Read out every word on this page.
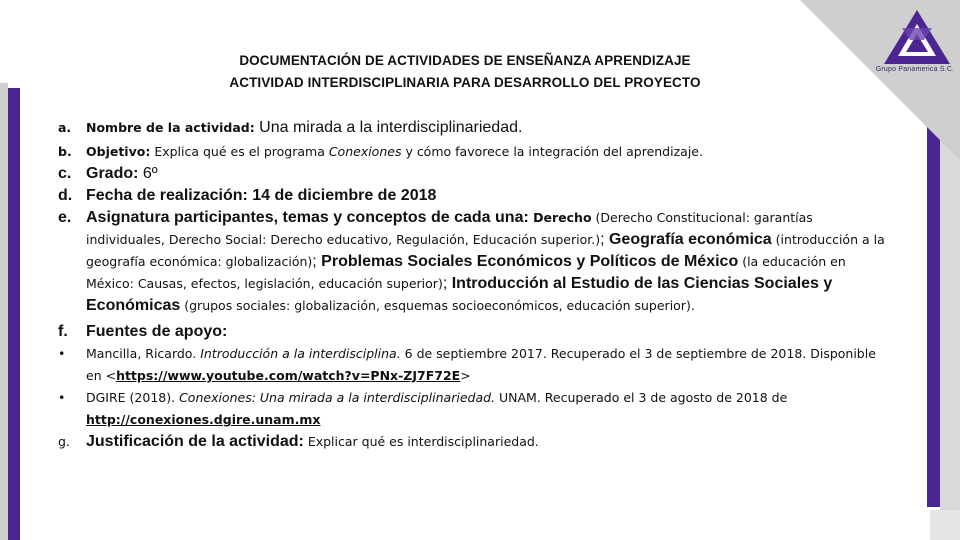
Grupo Panamerica S.C.
DOCUMENTACIÓN DE ACTIVIDADES DE ENSEÑANZA APRENDIZAJE
ACTIVIDAD INTERDISCIPLINARIA PARA DESARROLLO DEL PROYECTO
a. Nombre de la actividad: Una mirada a la interdisciplinariedad.
b. Objetivo: Explica qué es el programa Conexiones y cómo favorece la integración del aprendizaje.
c. Grado: 6º
d. Fecha de realización: 14 de diciembre de 2018
e. Asignatura participantes, temas y conceptos de cada una: Derecho (Derecho Constitucional: garantías individuales, Derecho Social: Derecho educativo, Regulación, Educación superior.); Geografía económica (introducción a la geografía económica: globalización); Problemas Sociales Económicos y Políticos de México (la educación en México: Causas, efectos, legislación, educación superior); Introducción al Estudio de las Ciencias Sociales y Económicas (grupos sociales: globalización, esquemas socioeconómicos, educación superior).
f. Fuentes de apoyo:
• Mancilla, Ricardo. Introducción a la interdisciplina. 6 de septiembre 2017. Recuperado el 3 de septiembre de 2018. Disponible en <https://www.youtube.com/watch?v=PNx-ZJ7F72E>
• DGIRE (2018). Conexiones: Una mirada a la interdisciplinariedad. UNAM. Recuperado el 3 de agosto de 2018 de http://conexiones.dgire.unam.mx
g. Justificación de la actividad: Explicar qué es interdisciplinariedad.
